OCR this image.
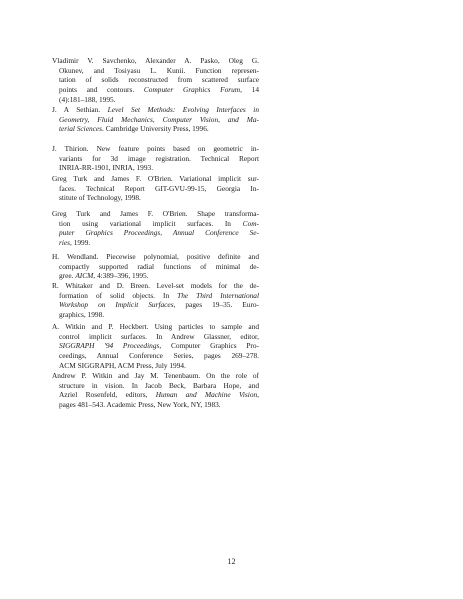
Vladimir V. Savchenko, Alexander A. Pasko, Oleg G.
Okunev, and Tosiyasu L. Kunii. Function represen-
tation of solids reconstructed from scattered surface
points and contours. Computer Graphics Forum, 14
(4):181–188, 1995.

J. A Sethian. Level Set Methods: Evolving Interfaces in
Geometry, Fluid Mechanics, Computer Vision, and Ma-
terial Sciences. Cambridge University Press, 1996.

J. Thirion. New feature points based on geometric in-
variants for 3d image registration. Technical Report
INRIA-RR-1901, INRIA, 1993.

Greg Turk and James F. O'Brien. Variational implicit sur-
faces. Technical Report GIT-GVU-99-15, Georgia In-
stitute of Technology, 1998.

Greg Turk and James F. O'Brien. Shape transforma-
tion using variational implicit surfaces. In Com-
puter Graphics Proceedings, Annual Conference Se-
ries, 1999.

H. Wendland. Piecewise polynomial, positive definite and
compactly supported radial functions of minimal de-
gree. AICM, 4:389–396, 1995.

R. Whitaker and D. Breen. Level-set models for the de-
formation of solid objects. In The Third International
Workshop on Implicit Surfaces, pages 19–35. Euro-
graphics, 1998.

A. Witkin and P. Heckbert. Using particles to sample and
control implicit surfaces. In Andrew Glassner, editor,
SIGGRAPH '94 Proceedings, Computer Graphics Pro-
ceedings, Annual Conference Series, pages 269–278.
ACM SIGGRAPH, ACM Press, July 1994.

Andrew P. Witkin and Jay M. Tenenbaum. On the role of
structure in vision. In Jacob Beck, Barbara Hope, and
Azriel Rosenfeld, editors, Human and Machine Vision,
pages 481–543. Academic Press, New York, NY, 1983.

12
